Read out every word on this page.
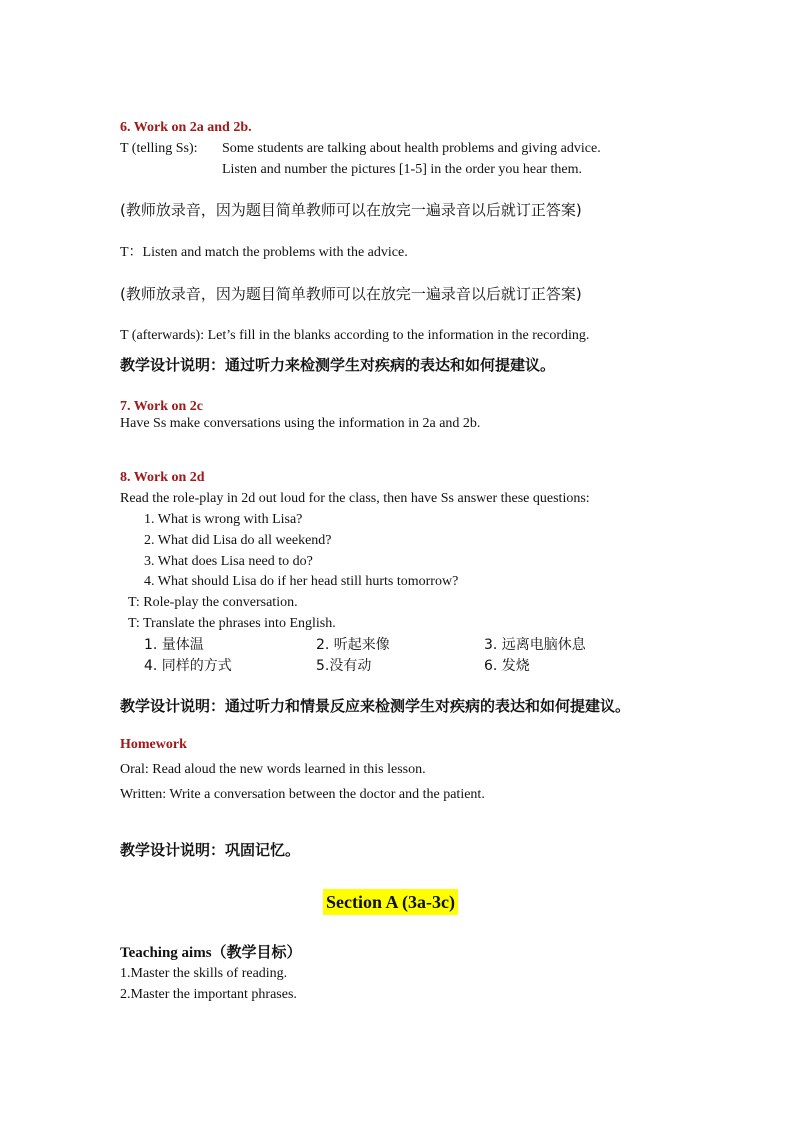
6. Work on 2a and 2b.
T (telling Ss): Some students are talking about health problems and giving advice.
Listen and number the pictures [1-5] in the order you hear them.
(教师放录音，因为题目简单教师可以在放完一遍录音以后就订正答案)
T：Listen and match the problems with the advice.
(教师放录音，因为题目简单教师可以在放完一遍录音以后就订正答案)
T (afterwards): Let’s fill in the blanks according to the information in the recording.
教学设计说明：通过听力来检测学生对疾病的表达和如何提建议。
7. Work on 2c
Have Ss make conversations using the information in 2a and 2b.
8. Work on 2d
Read the role-play in 2d out loud for the class, then have Ss answer these questions:
1. What is wrong with Lisa?
2. What did Lisa do all weekend?
3. What does Lisa need to do?
4. What should Lisa do if her head still hurts tomorrow?
T: Role-play the conversation.
T: Translate the phrases into English.
1. 量体温	2. 听起来像	3. 远离电脑休息
4. 同样的方式	5.没有动	6. 发烧
教学设计说明：通过听力和情景反应来检测学生对疾病的表达和如何提建议。
Homework
Oral: Read aloud the new words learned in this lesson.
Written: Write a conversation between the doctor and the patient.
教学设计说明：巩固记忆。
Section A (3a-3c)
Teaching aims（教学目标）
1.Master the skills of reading.
2.Master the important phrases.
